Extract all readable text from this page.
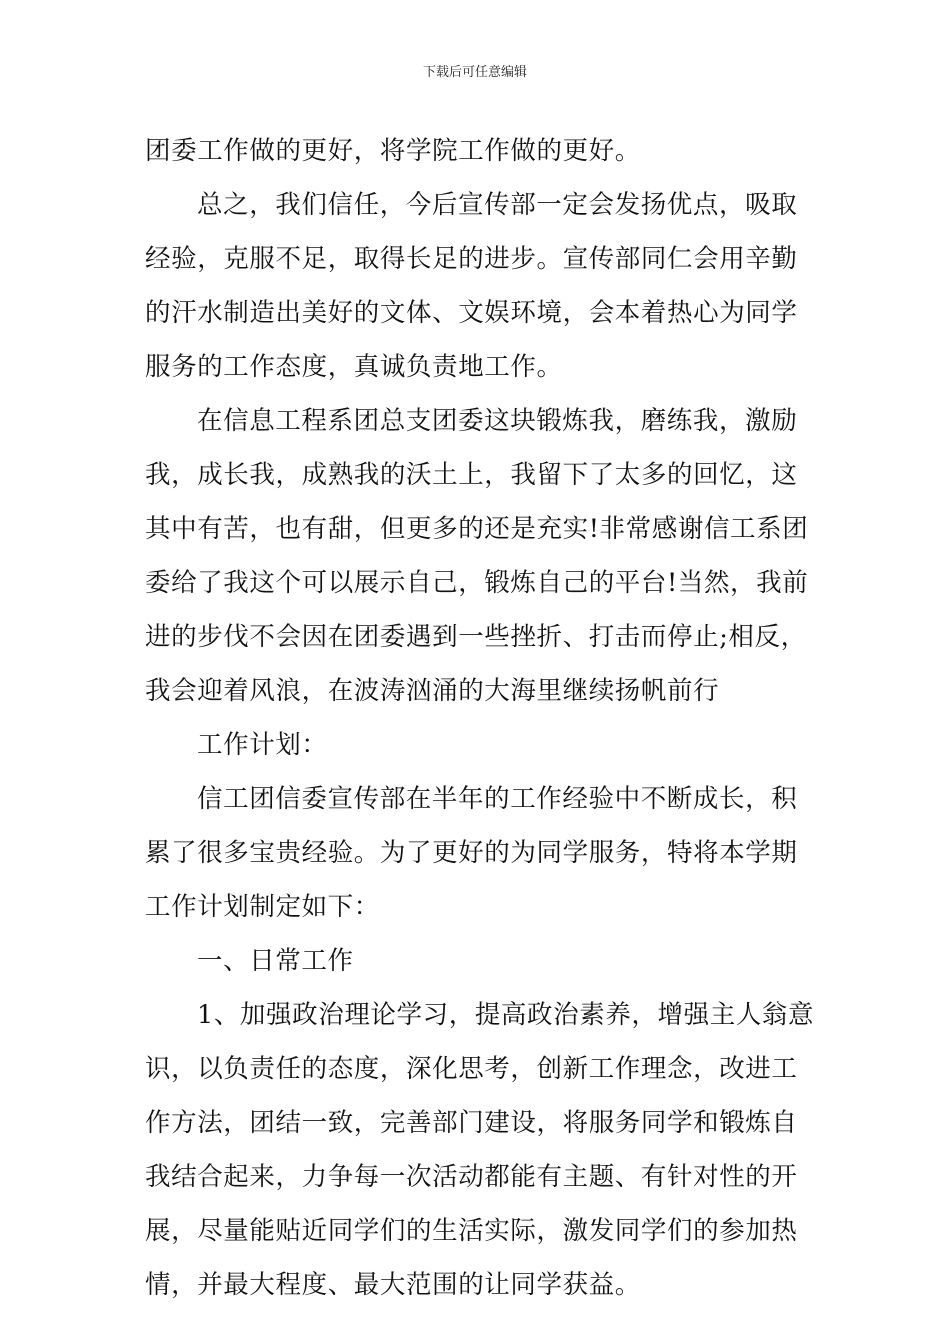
下载后可任意编辑
团委工作做的更好，将学院工作做的更好。
总之，我们信任，今后宣传部一定会发扬优点，吸取
经验，克服不足，取得长足的进步。宣传部同仁会用辛勤
的汗水制造出美好的文体、文娱环境，会本着热心为同学
服务的工作态度，真诚负责地工作。
在信息工程系团总支团委这块锻炼我，磨练我，激励
我，成长我，成熟我的沃土上，我留下了太多的回忆，这
其中有苦，也有甜，但更多的还是充实!非常感谢信工系团
委给了我这个可以展示自己，锻炼自己的平台!当然，我前
进的步伐不会因在团委遇到一些挫折、打击而停止;相反，
我会迎着风浪，在波涛汹涌的大海里继续扬帆前行
工作计划：
信工团信委宣传部在半年的工作经验中不断成长，积
累了很多宝贵经验。为了更好的为同学服务，特将本学期
工作计划制定如下：
一、日常工作
1、加强政治理论学习，提高政治素养，增强主人翁意
识，以负责任的态度，深化思考，创新工作理念，改进工
作方法，团结一致，完善部门建设，将服务同学和锻炼自
我结合起来，力争每一次活动都能有主题、有针对性的开
展，尽量能贴近同学们的生活实际，激发同学们的参加热
情，并最大程度、最大范围的让同学获益。
